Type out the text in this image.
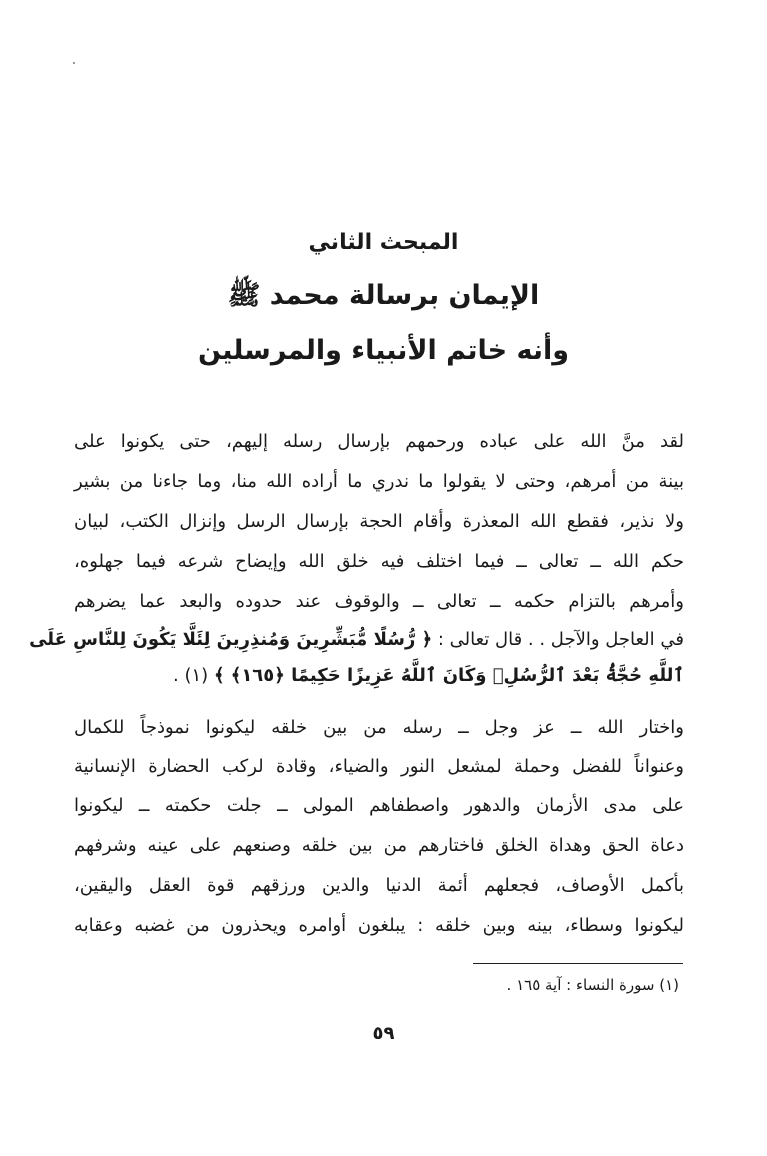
المبحث الثاني
الإيمان برسالة محمد ﷺ
وأنه خاتم الأنبياء والمرسلين
لقد منَّ الله على عباده ورحمهم بإرسال رسله إليهم، حتى يكونوا على
بينة من أمرهم، وحتى لا يقولوا ما ندري ما أراده الله منا، وما جاءنا من بشير
ولا نذير، فقطع الله المعذرة وأقام الحجة بإرسال الرسل وإنزال الكتب، لبيان
حكم الله ــ تعالى ــ فيما اختلف فيه خلق الله وإيضاح شرعه فيما جهلوه،
وأمرهم بالتزام حكمه ــ تعالى ــ والوقوف عند حدوده والبعد عما يضرهم
في العاجل والآجل . . قال تعالى : ﴿ رُّسُلًا مُّبَشِّرِينَ وَمُنذِرِينَ لِئَلَّا يَكُونَ لِلنَّاسِ عَلَى
ٱللَّهِ حُجَّةُۢ بَعْدَ ٱلرُّسُلِۚ وَكَانَ ٱللَّهُ عَزِيزًا حَكِيمًا ﴿١٦٥﴾ ﴾ (١) .
واختار الله ــ عز وجل ــ رسله من بين خلقه ليكونوا نموذجاً للكمال
وعنواناً للفضل وحملة لمشعل النور والضياء، وقادة لركب الحضارة الإنسانية
على مدى الأزمان والدهور واصطفاهم المولى ــ جلت حكمته ــ ليكونوا
دعاة الحق وهداة الخلق فاختارهم من بين خلقه وصنعهم على عينه وشرفهم
بأكمل الأوصاف، فجعلهم أئمة الدنيا والدين ورزقهم قوة العقل واليقين،
ليكونوا وسطاء، بينه وبين خلقه : يبلغون أوامره ويحذرون من غضبه وعقابه
(١) سورة النساء : آية ١٦٥ .
٥٩
